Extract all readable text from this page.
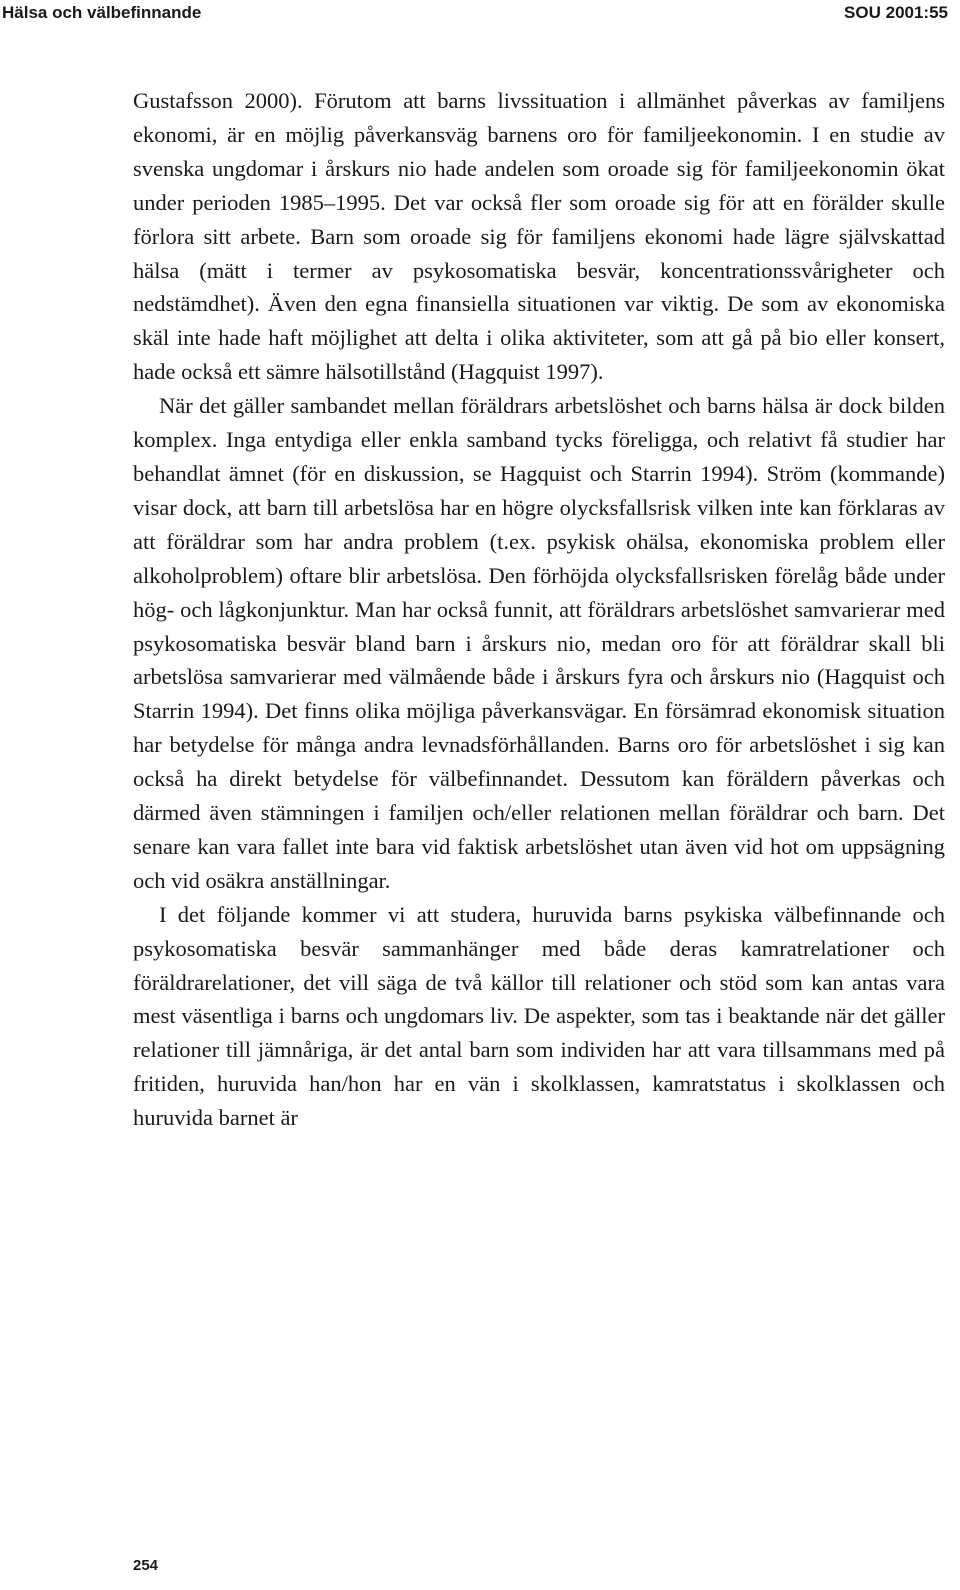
Hälsa och välbefinnande	SOU 2001:55

Gustafsson 2000). Förutom att barns livssituation i allmänhet påverkas av familjens ekonomi, är en möjlig påverkansväg barnens oro för familjeekonomin. I en studie av svenska ungdomar i årskurs nio hade andelen som oroade sig för familjeekonomin ökat under perioden 1985–1995. Det var också fler som oroade sig för att en förälder skulle förlora sitt arbete. Barn som oroade sig för familjens ekonomi hade lägre självskattad hälsa (mätt i termer av psykosomatiska besvär, koncentrationssvårigheter och nedstämdhet). Även den egna finansiella situationen var viktig. De som av ekonomiska skäl inte hade haft möjlighet att delta i olika aktiviteter, som att gå på bio eller konsert, hade också ett sämre hälsotillstånd (Hagquist 1997).

När det gäller sambandet mellan föräldrars arbetslöshet och barns hälsa är dock bilden komplex. Inga entydiga eller enkla samband tycks föreligga, och relativt få studier har behandlat ämnet (för en diskussion, se Hagquist och Starrin 1994). Ström (kommande) visar dock, att barn till arbetslösa har en högre olycksfallsrisk vilken inte kan förklaras av att föräldrar som har andra problem (t.ex. psykisk ohälsa, ekonomiska problem eller alkoholproblem) oftare blir arbetslösa. Den förhöjda olycksfallsrisken förelåg både under hög- och lågkonjunktur. Man har också funnit, att föräldrars arbetslöshet samvarierar med psykosomatiska besvär bland barn i årskurs nio, medan oro för att föräldrar skall bli arbetslösa samvarierar med välmående både i årskurs fyra och årskurs nio (Hagquist och Starrin 1994). Det finns olika möjliga påverkansvägar. En försämrad ekonomisk situation har betydelse för många andra levnadsförhållanden. Barns oro för arbetslöshet i sig kan också ha direkt betydelse för välbefinnandet. Dessutom kan föräldern påverkas och därmed även stämningen i familjen och/eller relationen mellan föräldrar och barn. Det senare kan vara fallet inte bara vid faktisk arbetslöshet utan även vid hot om uppsägning och vid osäkra anställningar.

I det följande kommer vi att studera, huruvida barns psykiska välbefinnande och psykosomatiska besvär sammanhänger med både deras kamratrelationer och föräldrarelationer, det vill säga de två källor till relationer och stöd som kan antas vara mest väsentliga i barns och ungdomars liv. De aspekter, som tas i beaktande när det gäller relationer till jämnåriga, är det antal barn som individen har att vara tillsammans med på fritiden, huruvida han/hon har en vän i skolklassen, kamratstatus i skolklassen och huruvida barnet är

254
